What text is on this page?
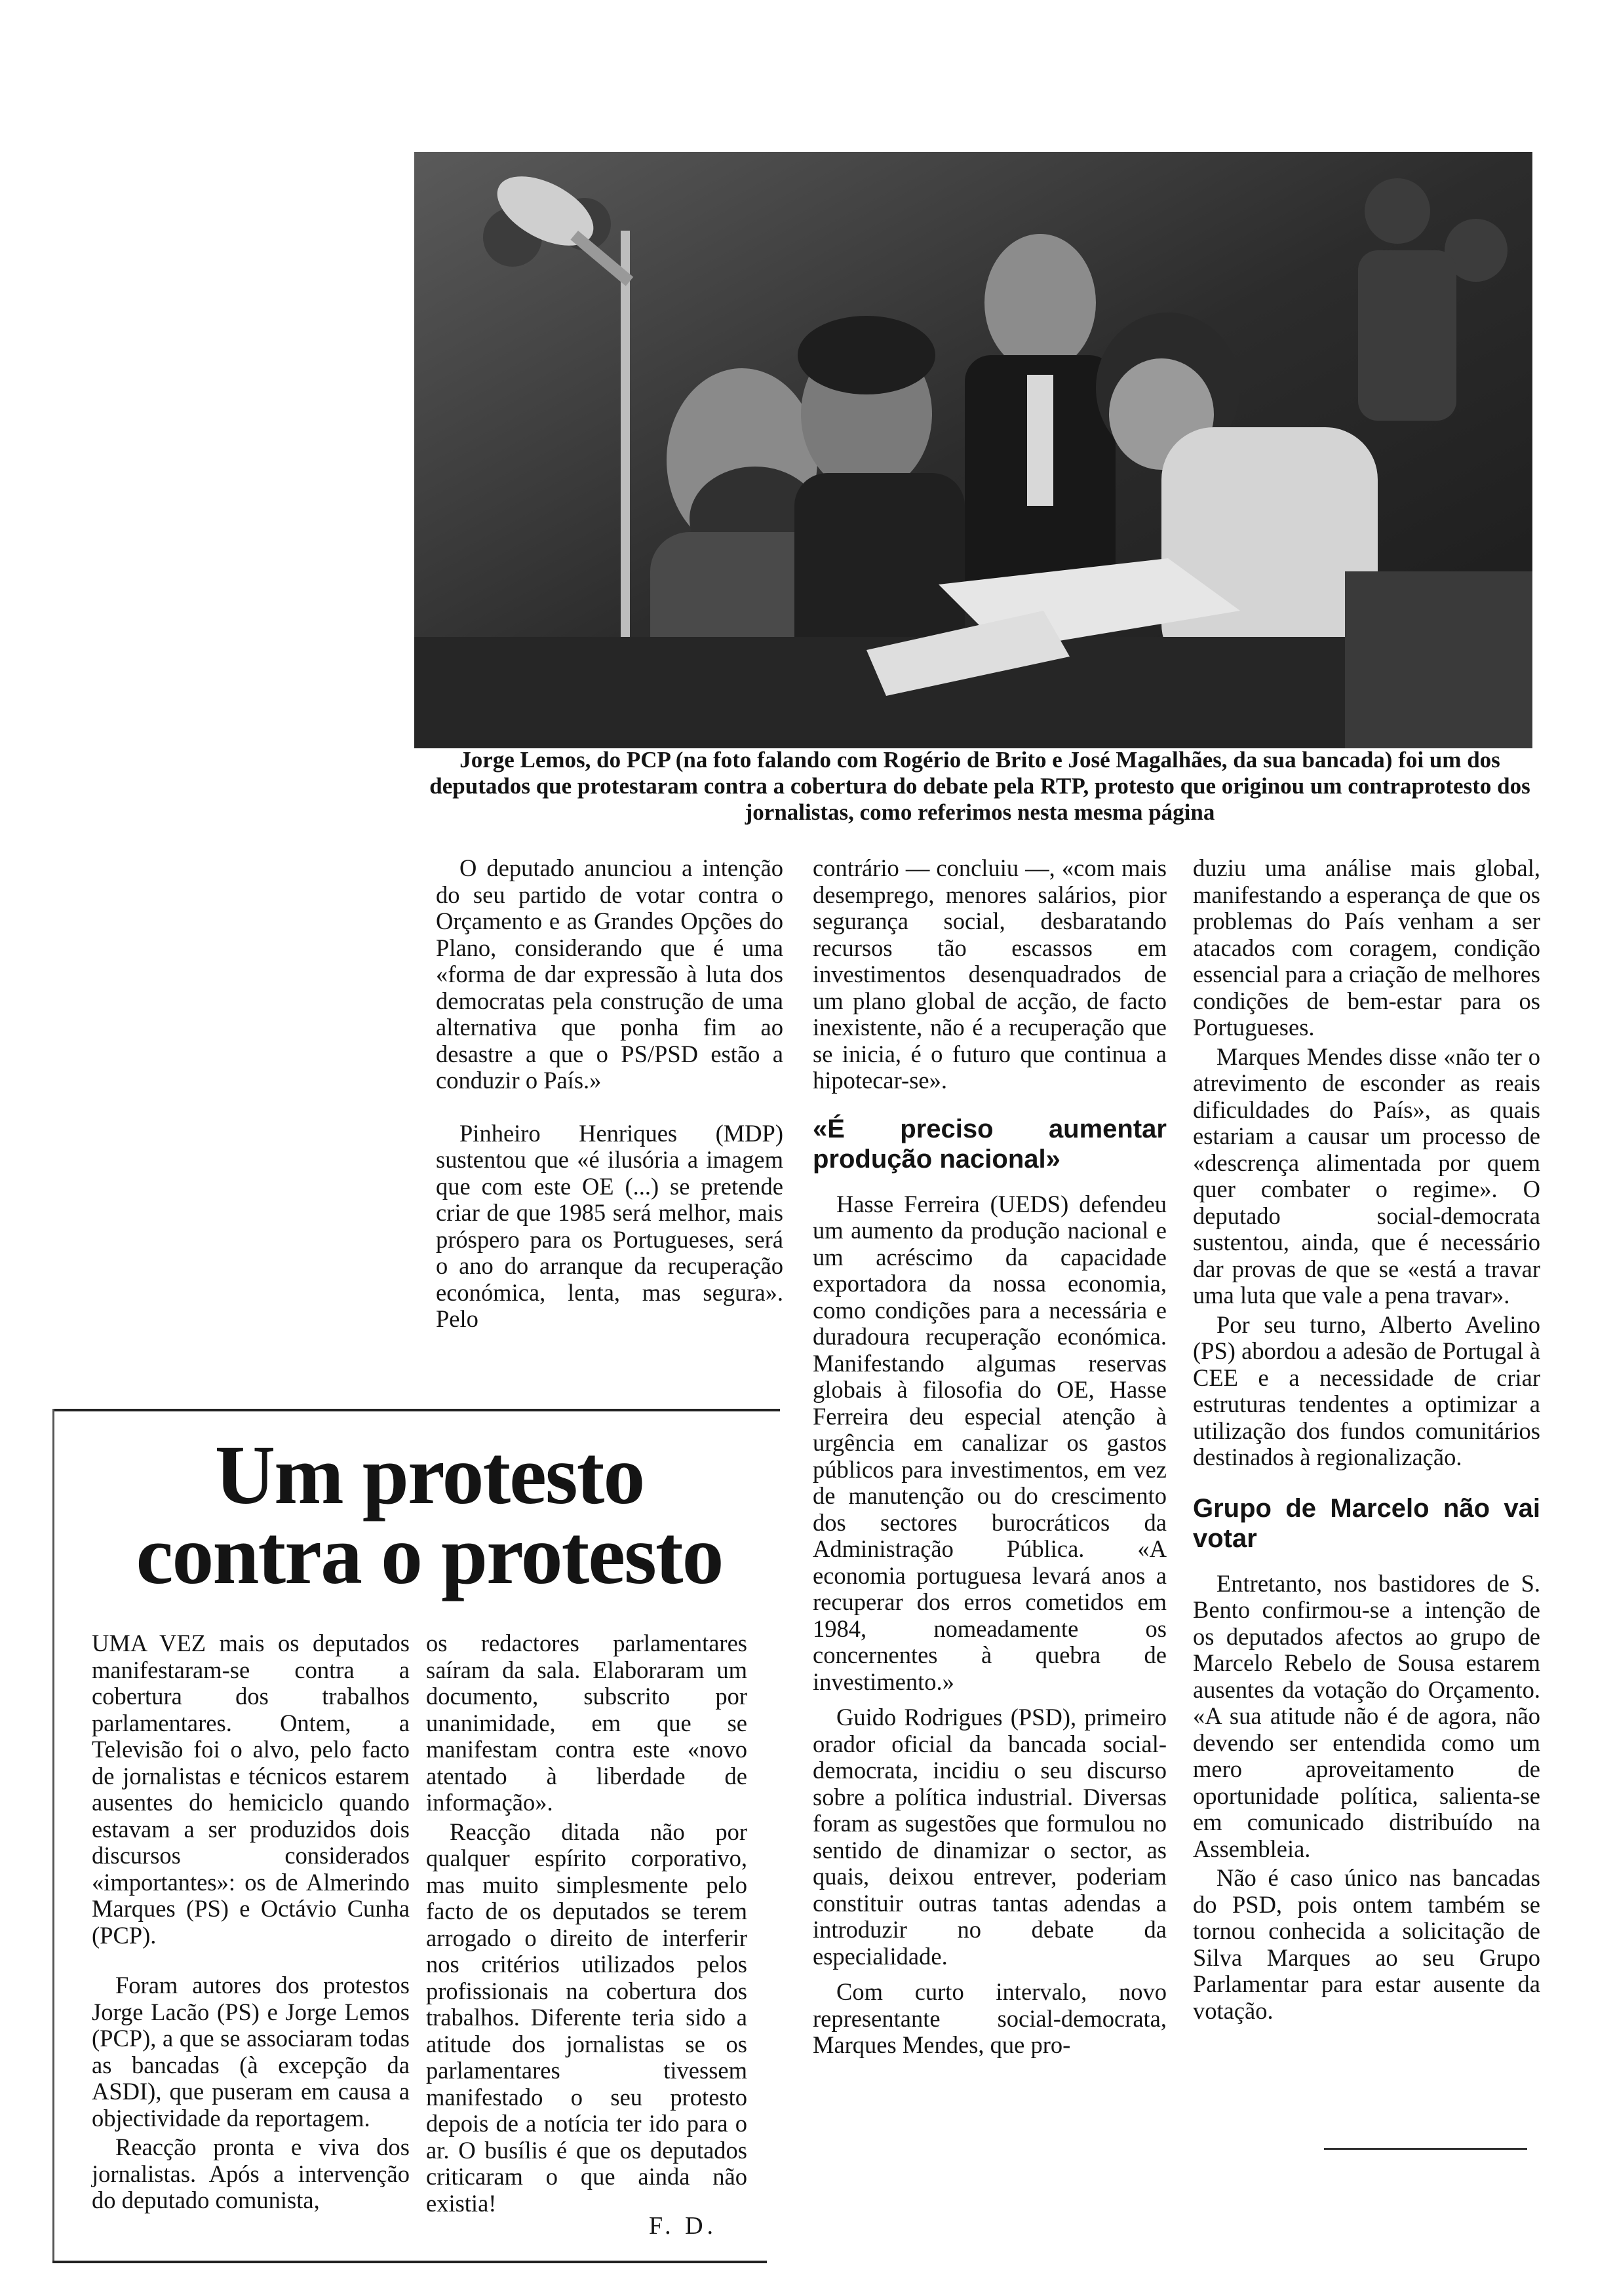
Jorge Lemos, do PCP (na foto falando com Rogério de Brito e José Magalhães, da sua bancada) foi um dos deputados que protestaram contra a cobertura do debate pela RTP, protesto que originou um contraprotesto dos jornalistas, como referimos nesta mesma página

O deputado anunciou a intenção do seu partido de votar contra o Orçamento e as Grandes Opções do Plano, considerando que é uma «forma de dar expressão à luta dos democratas pela construção de uma alternativa que ponha fim ao desastre a que o PS/PSD estão a conduzir o País.»

Pinheiro Henriques (MDP) sustentou que «é ilusória a imagem que com este OE (...) se pretende criar de que 1985 será melhor, mais próspero para os Portugueses, será o ano do arranque da recuperação económica, lenta, mas segura». Pelo

contrário — concluiu —, «com mais desemprego, menores salários, pior segurança social, desbaratando recursos tão escassos em investimentos desenquadrados de um plano global de acção, de facto inexistente, não é a recuperação que se inicia, é o futuro que continua a hipotecar-se».

«É preciso aumentar produção nacional»

Hasse Ferreira (UEDS) defendeu um aumento da produção nacional e um acréscimo da capacidade exportadora da nossa economia, como condições para a necessária e duradoura recuperação económica. Manifestando algumas reservas globais à filosofia do OE, Hasse Ferreira deu especial atenção à urgência em canalizar os gastos públicos para investimentos, em vez de manutenção ou do crescimento dos sectores burocráticos da Administração Pública. «A economia portuguesa levará anos a recuperar dos erros cometidos em 1984, nomeadamente os concernentes à quebra de investimento.»

Guido Rodrigues (PSD), primeiro orador oficial da bancada social-democrata, incidiu o seu discurso sobre a política industrial. Diversas foram as sugestões que formulou no sentido de dinamizar o sector, as quais, deixou entrever, poderiam constituir outras tantas adendas a introduzir no debate da especialidade.

Com curto intervalo, novo representante social-democrata, Marques Mendes, que pro-

duziu uma análise mais global, manifestando a esperança de que os problemas do País venham a ser atacados com coragem, condição essencial para a criação de melhores condições de bem-estar para os Portugueses.

Marques Mendes disse «não ter o atrevimento de esconder as reais dificuldades do País», as quais estariam a causar um processo de «descrença alimentada por quem quer combater o regime». O deputado social-democrata sustentou, ainda, que é necessário dar provas de que se «está a travar uma luta que vale a pena travar».

Por seu turno, Alberto Avelino (PS) abordou a adesão de Portugal à CEE e a necessidade de criar estruturas tendentes a optimizar a utilização dos fundos comunitários destinados à regionalização.

Grupo de Marcelo não vai votar

Entretanto, nos bastidores de S. Bento confirmou-se a intenção de os deputados afectos ao grupo de Marcelo Rebelo de Sousa estarem ausentes da votação do Orçamento. «A sua atitude não é de agora, não devendo ser entendida como um mero aproveitamento de oportunidade política, salienta-se em comunicado distribuído na Assembleia.

Não é caso único nas bancadas do PSD, pois ontem também se tornou conhecida a solicitação de Silva Marques ao seu Grupo Parlamentar para estar ausente da votação.

Um protesto
contra o protesto

UMA VEZ mais os deputados manifestaram-se contra a cobertura dos trabalhos parlamentares. Ontem, a Televisão foi o alvo, pelo facto de jornalistas e técnicos estarem ausentes do hemiciclo quando estavam a ser produzidos dois discursos considerados «importantes»: os de Almerindo Marques (PS) e Octávio Cunha (PCP).

Foram autores dos protestos Jorge Lacão (PS) e Jorge Lemos (PCP), a que se associaram todas as bancadas (à excepção da ASDI), que puseram em causa a objectividade da reportagem.

Reacção pronta e viva dos jornalistas. Após a intervenção do deputado comunista,

os redactores parlamentares saíram da sala. Elaboraram um documento, subscrito por unanimidade, em que se manifestam contra este «novo atentado à liberdade de informação».

Reacção ditada não por qualquer espírito corporativo, mas muito simplesmente pelo facto de os deputados se terem arrogado o direito de interferir nos critérios utilizados pelos profissionais na cobertura dos trabalhos. Diferente teria sido a atitude dos jornalistas se os parlamentares tivessem manifestado o seu protesto depois de a notícia ter ido para o ar. O busílis é que os deputados criticaram o que ainda não existia!

F. D.
